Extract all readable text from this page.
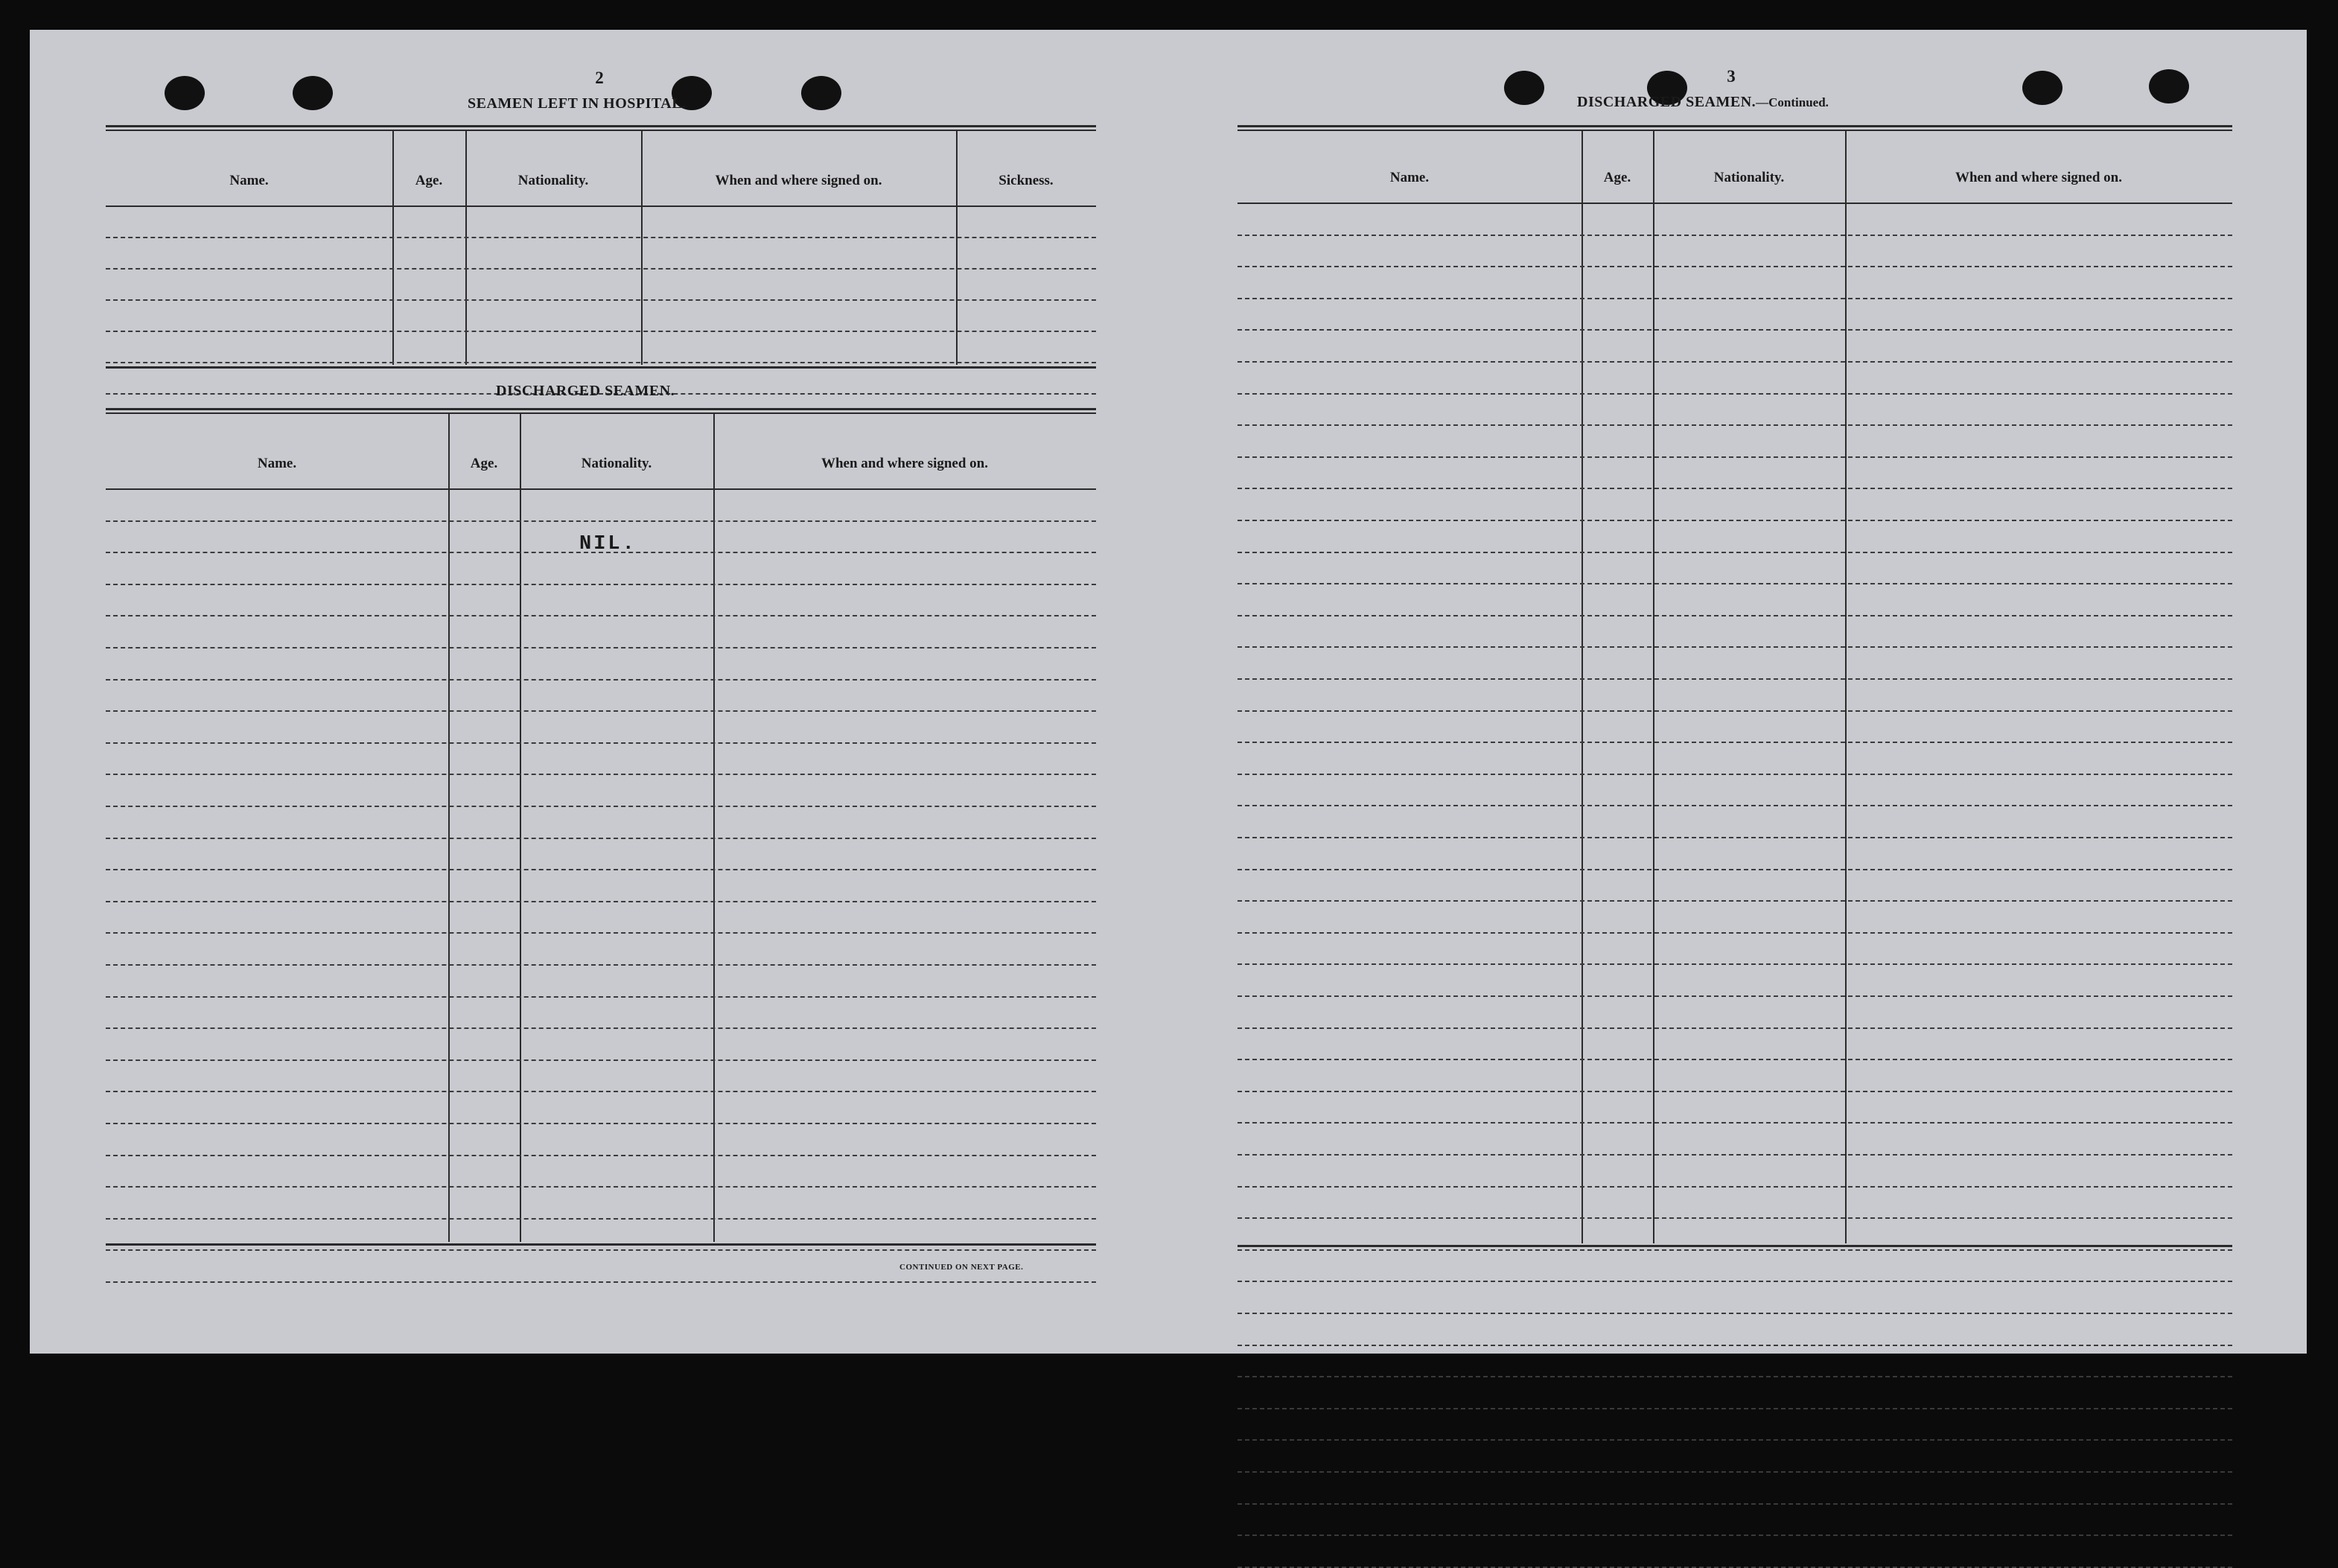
2
SEAMEN LEFT IN HOSPITAL.
Name.	Age.	Nationality.	When and where signed on.	Sickness.
DISCHARGED SEAMEN.
Name.	Age.	Nationality.	When and where signed on.
NIL.
CONTINUED ON NEXT PAGE.
3
DISCHARGED SEAMEN.—Continued.
Name.	Age.	Nationality.	When and where signed on.
